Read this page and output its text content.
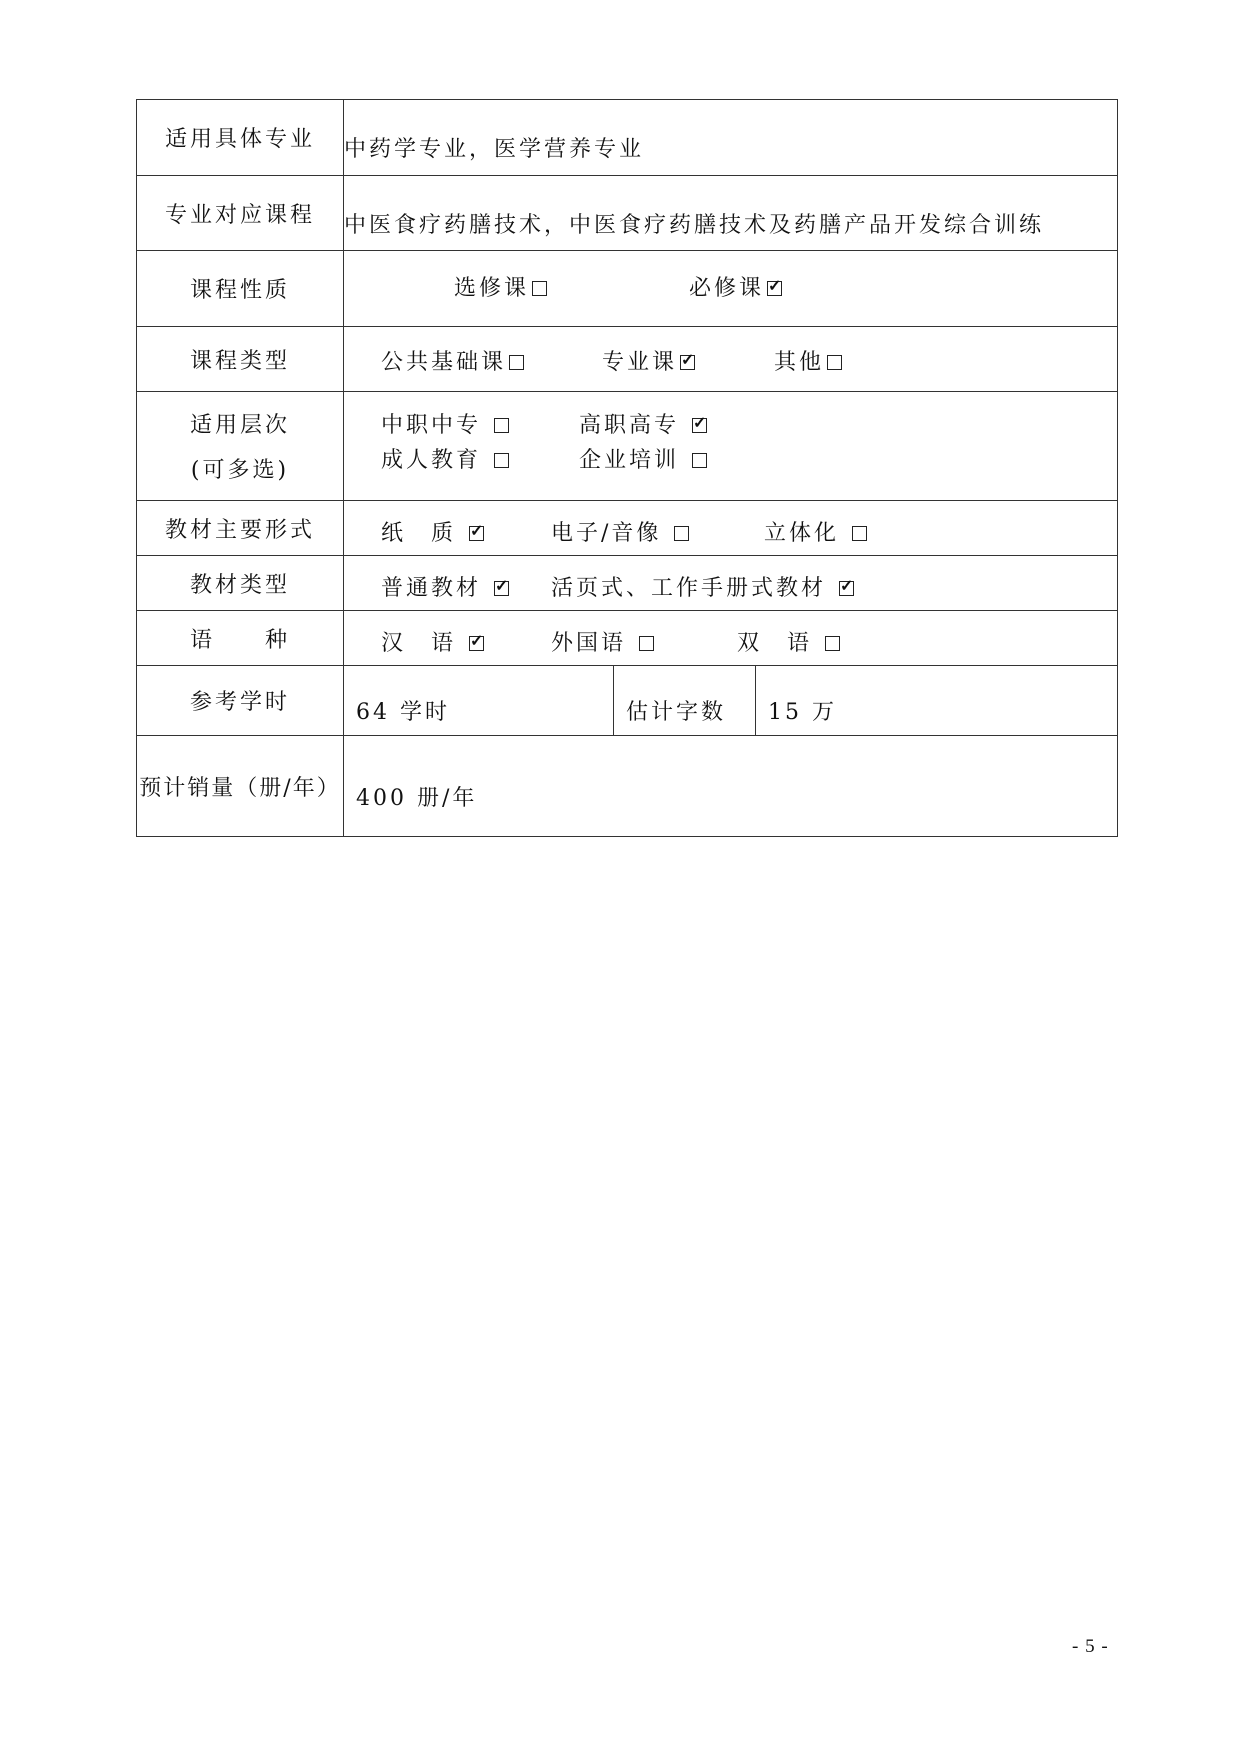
适用具体专业	中药学专业，医学营养专业		
专业对应课程	中医食疗药膳技术，中医食疗药膳技术及药膳产品开发综合训练		
课程性质	选修课 必修课✓

课程类型	公共基础课 专业课 ✓ 其他

适用层次
(可多选)	中职中专 高职高专 ✓
成人教育 企业培训

教材主要形式	纸　质 ✓ 电子/音像 立体化

教材类型	普通教材 ✓ 活页式、工作手册式教材 ✓

语　　种	汉　语 ✓ 外国语 双　语

参考学时	64 学时	估计字数	15 万
预计销量（册/年）	400 册/年		
- 5 -
